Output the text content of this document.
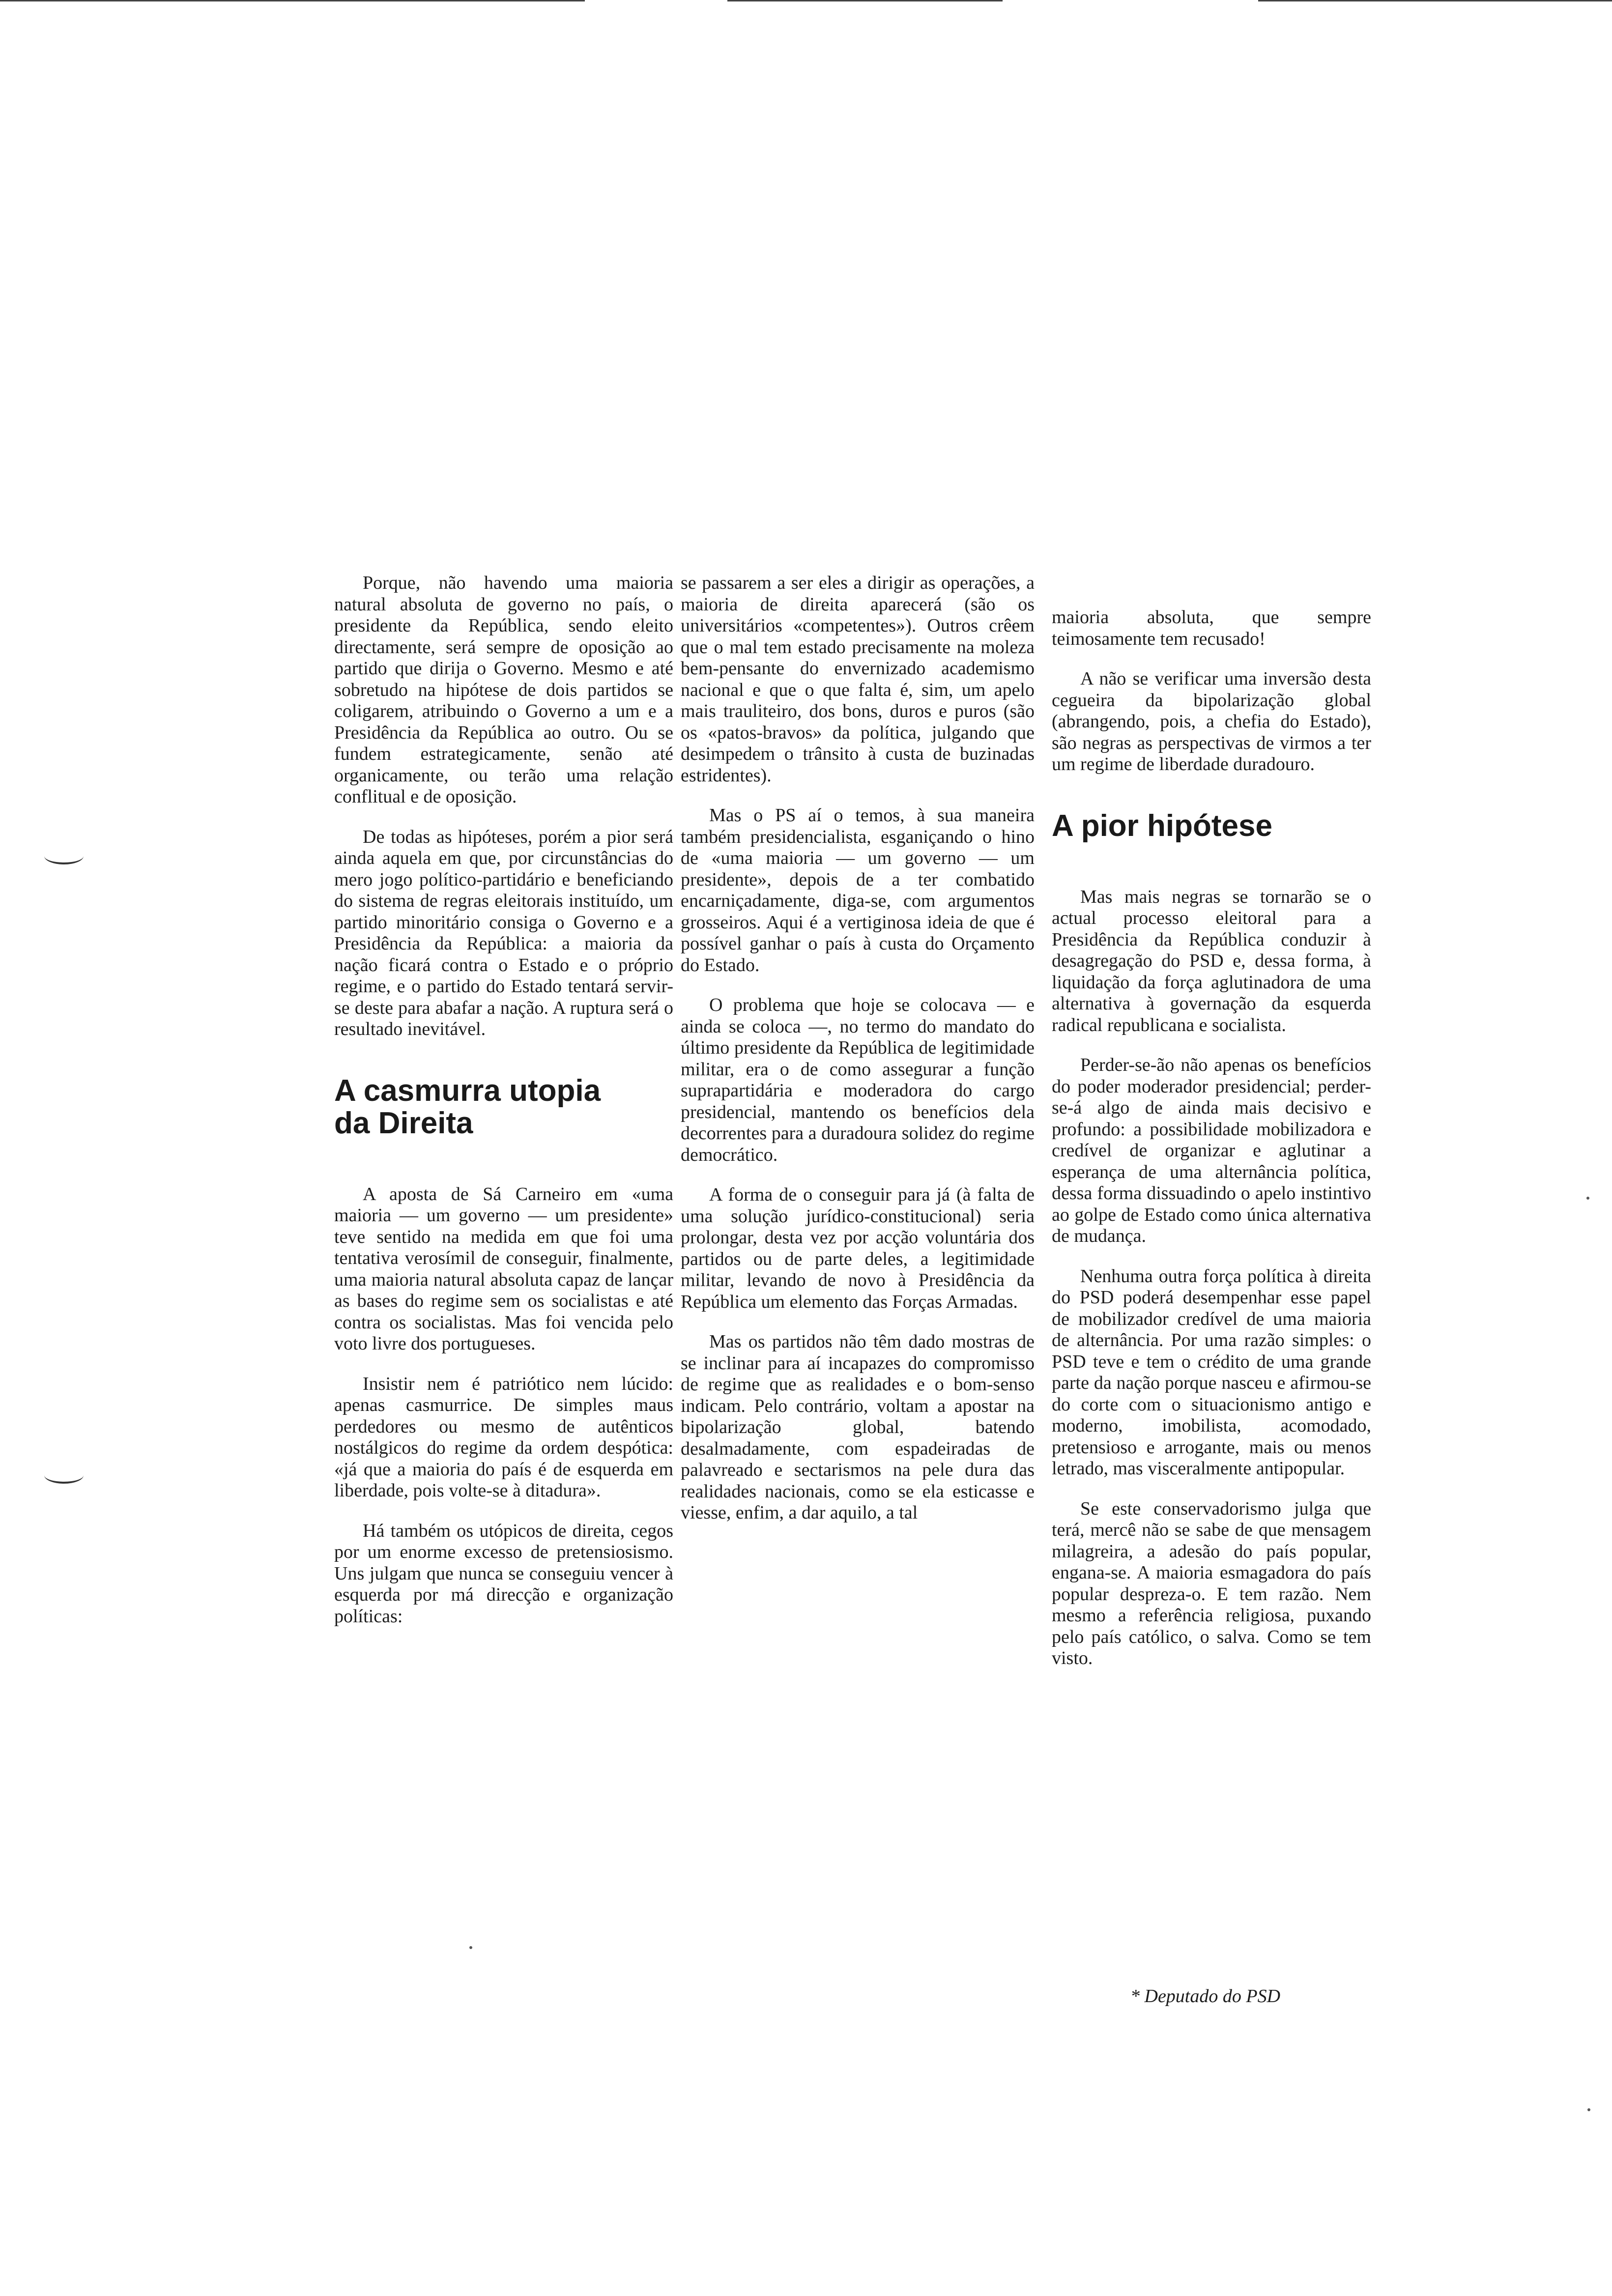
Porque, não havendo uma maioria natural absoluta de governo no país, o presidente da República, sendo eleito directamente, será sempre de oposição ao partido que dirija o Governo. Mesmo e até sobretudo na hipótese de dois partidos se coligarem, atribuindo o Governo a um e a Presidência da República ao outro. Ou se fundem estrategicamente, senão até organicamente, ou terão uma relação conflitual e de oposição.

De todas as hipóteses, porém a pior será ainda aquela em que, por circunstâncias do mero jogo político-partidário e beneficiando do sistema de regras eleitorais instituído, um partido minoritário consiga o Governo e a Presidência da República: a maioria da nação ficará contra o Estado e o próprio regime, e o partido do Estado tentará servir-se deste para abafar a nação. A ruptura será o resultado inevitável.

A casmurra utopia
da Direita

A aposta de Sá Carneiro em «uma maioria — um governo — um presidente» teve sentido na medida em que foi uma tentativa verosímil de conseguir, finalmente, uma maioria natural absoluta capaz de lançar as bases do regime sem os socialistas e até contra os socialistas. Mas foi vencida pelo voto livre dos portugueses.

Insistir nem é patriótico nem lúcido: apenas casmurrice. De simples maus perdedores ou mesmo de autênticos nostálgicos do regime da ordem despótica: «já que a maioria do país é de esquerda em liberdade, pois volte-se à ditadura».

Há também os utópicos de direita, cegos por um enorme excesso de pretensiosismo. Uns julgam que nunca se conseguiu vencer à esquerda por má direcção e organização políticas:

se passarem a ser eles a dirigir as operações, a maioria de direita aparecerá (são os universitários «competentes»). Outros crêem que o mal tem estado precisamente na moleza bem-pensante do envernizado academismo nacional e que o que falta é, sim, um apelo mais trauliteiro, dos bons, duros e puros (são os «patos-bravos» da política, julgando que desimpedem o trânsito à custa de buzinadas estridentes).

Mas o PS aí o temos, à sua maneira também presidencialista, esganiçando o hino de «uma maioria — um governo — um presidente», depois de a ter combatido encarniçadamente, diga-se, com argumentos grosseiros. Aqui é a vertiginosa ideia de que é possível ganhar o país à custa do Orçamento do Estado.

O problema que hoje se colocava — e ainda se coloca —, no termo do mandato do último presidente da República de legitimidade militar, era o de como assegurar a função suprapartidária e moderadora do cargo presidencial, mantendo os benefícios dela decorrentes para a duradoura solidez do regime democrático.

A forma de o conseguir para já (à falta de uma solução jurídico-constitucional) seria prolongar, desta vez por acção voluntária dos partidos ou de parte deles, a legitimidade militar, levando de novo à Presidência da República um elemento das Forças Armadas.

Mas os partidos não têm dado mostras de se inclinar para aí incapazes do compromisso de regime que as realidades e o bom-senso indicam. Pelo contrário, voltam a apostar na bipolarização global, batendo desalmadamente, com espadeiradas de palavreado e sectarismos na pele dura das realidades nacionais, como se ela esticasse e viesse, enfim, a dar aquilo, a tal

maioria absoluta, que sempre teimosamente tem recusado!

A não se verificar uma inversão desta cegueira da bipolarização global (abrangendo, pois, a chefia do Estado), são negras as perspectivas de virmos a ter um regime de liberdade duradouro.

A pior hipótese

Mas mais negras se tornarão se o actual processo eleitoral para a Presidência da República conduzir à desagregação do PSD e, dessa forma, à liquidação da força aglutinadora de uma alternativa à governação da esquerda radical republicana e socialista.

Perder-se-ão não apenas os benefícios do poder moderador presidencial; perder-se-á algo de ainda mais decisivo e profundo: a possibilidade mobilizadora e credível de organizar e aglutinar a esperança de uma alternância política, dessa forma dissuadindo o apelo instintivo ao golpe de Estado como única alternativa de mudança.

Nenhuma outra força política à direita do PSD poderá desempenhar esse papel de mobilizador credível de uma maioria de alternância. Por uma razão simples: o PSD teve e tem o crédito de uma grande parte da nação porque nasceu e afirmou-se do corte com o situacionismo antigo e moderno, imobilista, acomodado, pretensioso e arrogante, mais ou menos letrado, mas visceralmente antipopular.

Se este conservadorismo julga que terá, mercê não se sabe de que mensagem milagreira, a adesão do país popular, engana-se. A maioria esmagadora do país popular despreza-o. E tem razão. Nem mesmo a referência religiosa, puxando pelo país católico, o salva. Como se tem visto.

* Deputado do PSD
